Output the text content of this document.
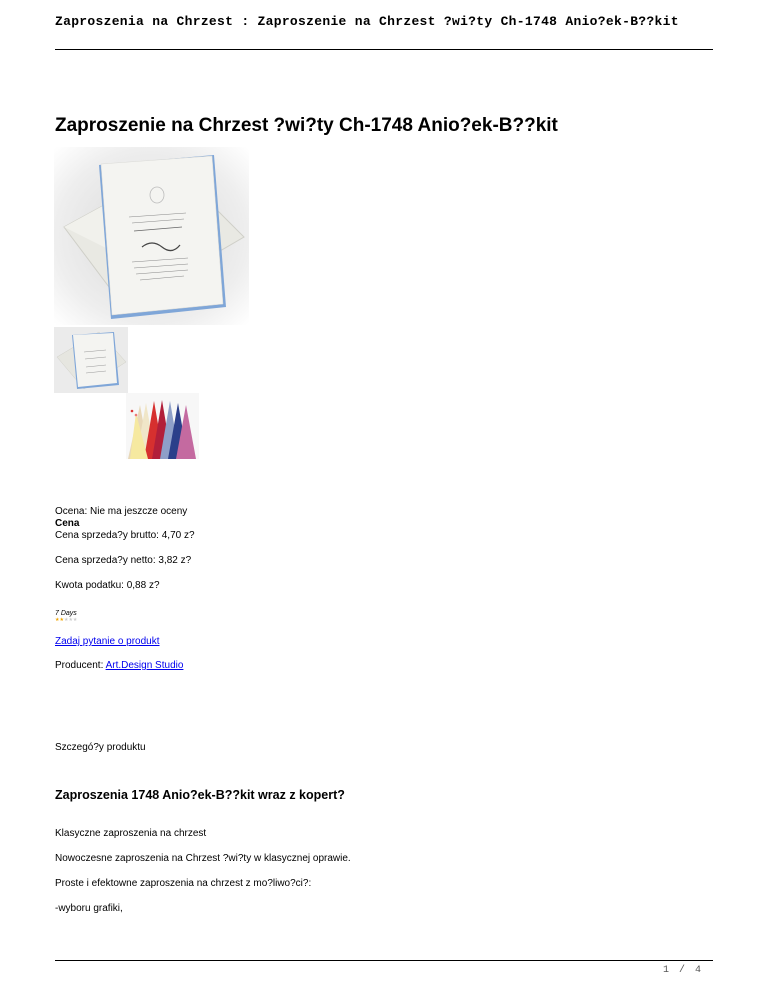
Zaproszenia na Chrzest : Zaproszenie na Chrzest ?wi?ty Ch-1748 Anio?ek-B??kit
Zaproszenie na Chrzest ?wi?ty Ch-1748 Anio?ek-B??kit

Ocena: Nie ma jeszcze oceny

Cena

Cena sprzeda?y brutto: 4,70 z?

Cena sprzeda?y netto: 3,82 z?

Kwota podatku: 0,88 z?

7 Days
★★★★★
Zadaj pytanie o produkt

Producent: Art.Design Studio

Szczegó?y produktu

Zaproszenia 1748 Anio?ek-B??kit wraz z kopert?

Klasyczne zaproszenia na chrzest

Nowoczesne zaproszenia na Chrzest ?wi?ty w klasycznej oprawie.

Proste i efektowne zaproszenia na chrzest z mo?liwo?ci?:

-wyboru grafiki,

1 / 4
